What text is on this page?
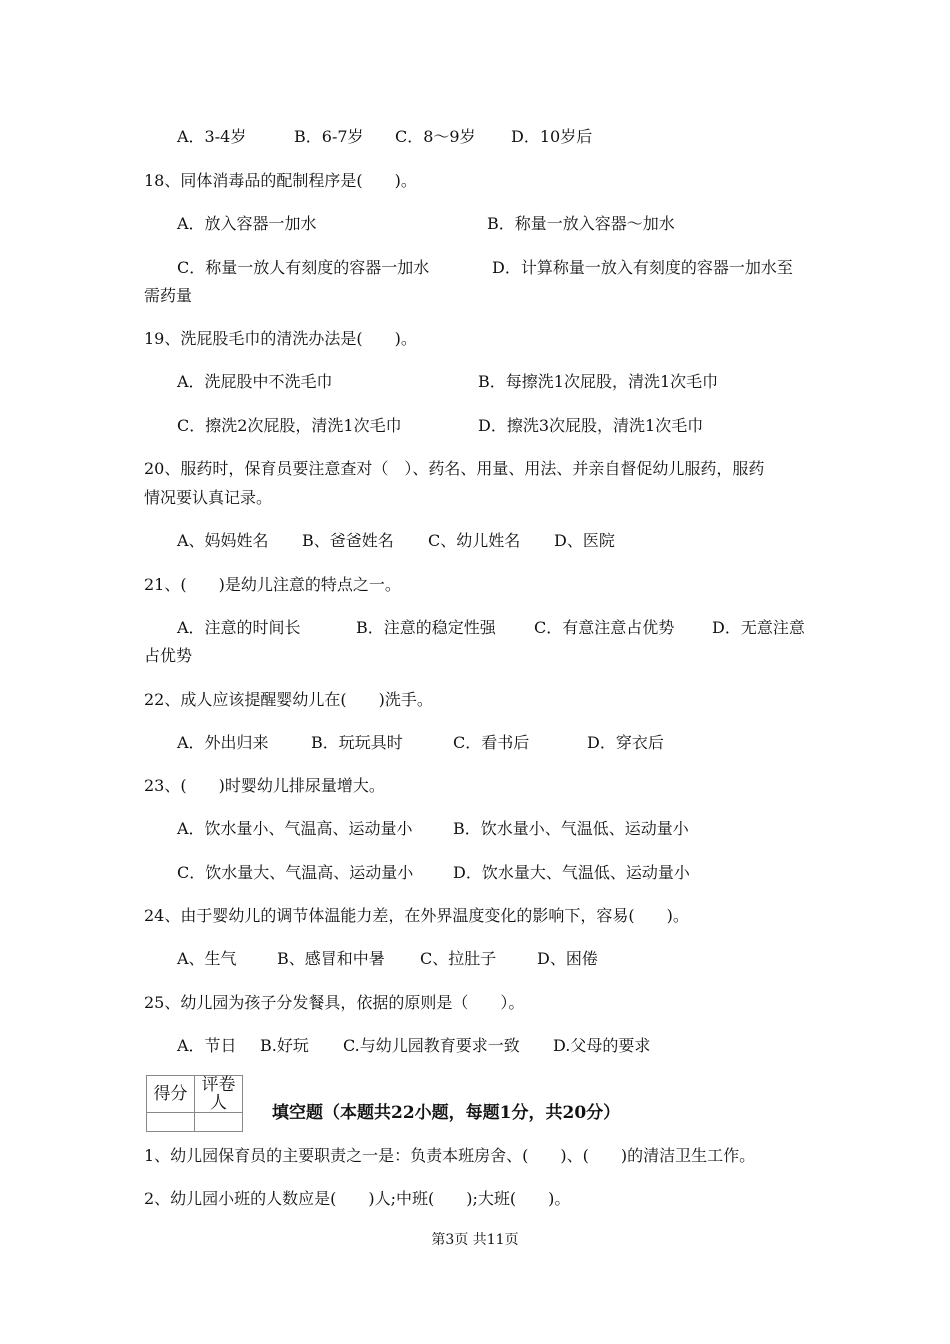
A．3-4岁	B．6-7岁 C．8～9岁 D．10岁后
18、同体消毒品的配制程序是(　　)。
A．放入容器一加水	B．称量一放入容器～加水
C．称量一放人有刻度的容器一加水	D．计算称量一放入有刻度的容器一加水至
需药量
19、洗屁股毛巾的清洗办法是(　　)。
A．洗屁股中不洗毛巾	B．每擦洗1次屁股，清洗1次毛巾
C．擦洗2次屁股，清洗1次毛巾	D．擦洗3次屁股，清洗1次毛巾
20、服药时，保育员要注意查对（　）、药名、用量、用法、并亲自督促幼儿服药，服药
情况要认真记录。
A、妈妈姓名 B、爸爸姓名 C、幼儿姓名 D、医院
21、(　　)是幼儿注意的特点之一。
A．注意的时间长	B．注意的稳定性强 C．有意注意占优势 D．无意注意
占优势
22、成人应该提醒婴幼儿在(　　)洗手。
A．外出归来	B．玩玩具时	C．看书后	D．穿衣后
23、(　　)时婴幼儿排尿量增大。
A．饮水量小、气温高、运动量小	B．饮水量小、气温低、运动量小
C．饮水量大、气温高、运动量小 D．饮水量大、气温低、运动量小
24、由于婴幼儿的调节体温能力差，在外界温度变化的影响下，容易(　　)。
A、生气	B、感冒和中暑 C、拉肚子	D、困倦
25、幼儿园为孩子分发餐具，依据的原则是（　　）。
A．节日 B.好玩 C.与幼儿园教育要求一致 D.父母的要求
得分	评卷人
		填空题（本题共22小题，每题1分，共20分）
1、幼儿园保育员的主要职责之一是：负责本班房舍、(　　)、(　　)的清洁卫生工作。
2、幼儿园小班的人数应是(　　)人;中班(　　);大班(　　)。
第3页 共11页
